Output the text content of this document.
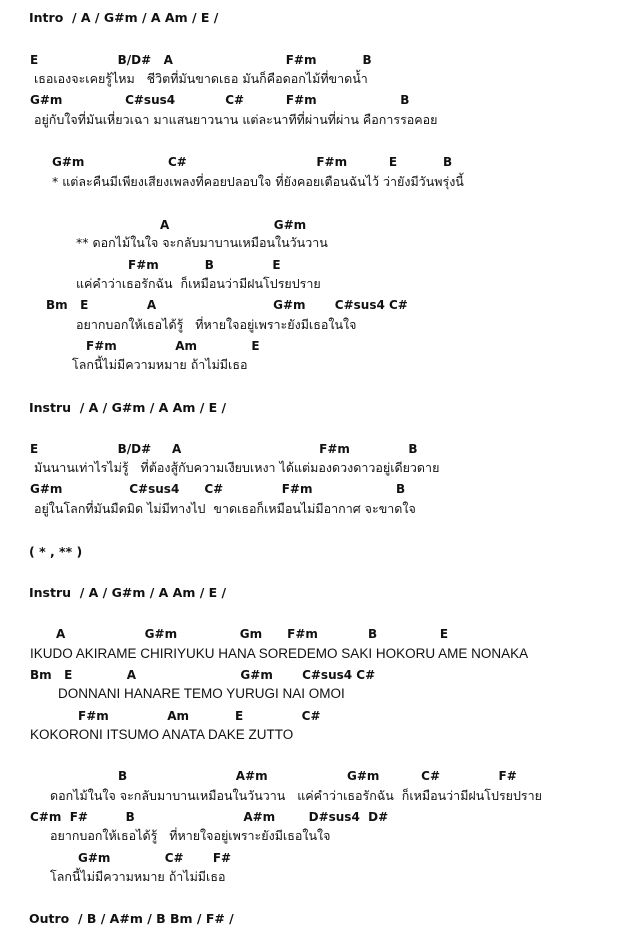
Intro  / A / G#m / A Am / E /
E                   B/D#   A                           F#m           B
เธอเองจะเคยรู้ไหม   ชีวิตที่มันขาดเธอ มันก็คือดอกไม้ที่ขาดน้ำ
G#m               C#sus4            C#          F#m                    B
อยู่กับใจที่มันเหี่ยวเฉา มาแสนยาวนาน แต่ละนาทีที่ผ่านที่ผ่าน คือการรอคอย
G#m                    C#                               F#m          E           B
* แต่ละคืนมีเพียงเสียงเพลงที่คอยปลอบใจ ที่ยังคอยเตือนฉันไว้ ว่ายังมีวันพรุ่งนี้
A                         G#m
** ดอกไม้ในใจ จะกลับมาบานเหมือนในวันวาน
F#m           B              E
แค่คำว่าเธอรักฉัน  ก็เหมือนว่ามีฝนโปรยปราย
Bm   E              A                            G#m       C#sus4 C#
อยากบอกให้เธอได้รู้   ที่หายใจอยู่เพราะยังมีเธอในใจ
F#m              Am             E
โลกนี้ไม่มีความหมาย ถ้าไม่มีเธอ
Instru  / A / G#m / A Am / E /
E                   B/D#     A                                 F#m              B
มันนานเท่าไรไม่รู้   ที่ต้องสู้กับความเงียบเหงา ได้แต่มองดวงดาวอยู่เดียวดาย
G#m                C#sus4      C#              F#m                    B
อยู่ในโลกที่มันมืดมิด ไม่มีทางไป  ขาดเธอก็เหมือนไม่มีอากาศ จะขาดใจ
( * , ** )
Instru  / A / G#m / A Am / E /
A                   G#m               Gm      F#m            B               E
IKUDO AKIRAME CHIRIYUKU HANA SOREDEMO SAKI HOKORU AME NONAKA
Bm   E             A                         G#m       C#sus4 C#
DONNANI HANARE TEMO YURUGI NAI OMOI
F#m              Am           E              C#
KOKORONI ITSUMO ANATA DAKE ZUTTO
B                          A#m                   G#m          C#              F#
ดอกไม้ในใจ จะกลับมาบานเหมือนในวันวาน   แค่คำว่าเธอรักฉัน  ก็เหมือนว่ามีฝนโปรยปราย
C#m  F#         B                          A#m        D#sus4  D#
อยากบอกให้เธอได้รู้   ที่หายใจอยู่เพราะยังมีเธอในใจ
G#m             C#       F#
โลกนี้ไม่มีความหมาย ถ้าไม่มีเธอ
Outro  / B / A#m / B Bm / F# /
